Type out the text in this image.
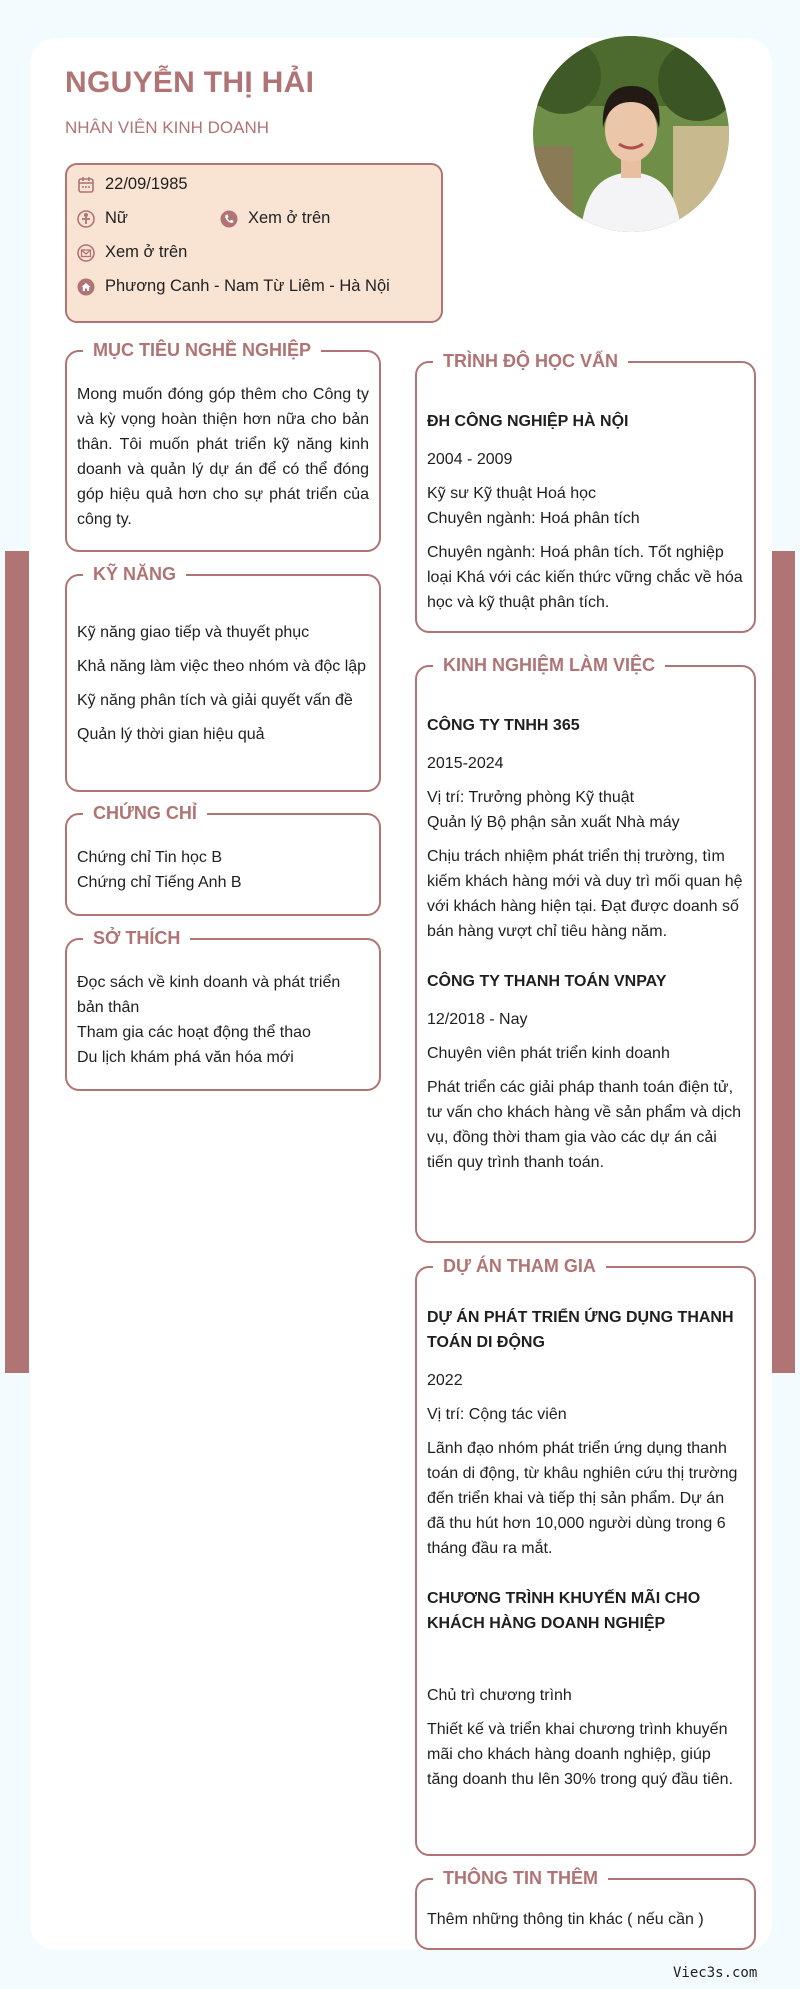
NGUYỄN THỊ HẢI
NHÂN VIÊN KINH DOANH
22/09/1985
Nữ	Xem ở trên
Xem ở trên
Phương Canh - Nam Từ Liêm - Hà Nội
MỤC TIÊU NGHỀ NGHIỆP
Mong muốn đóng góp thêm cho Công ty và kỳ vọng hoàn thiện hơn nữa cho bản thân. Tôi muốn phát triển kỹ năng kinh doanh và quản lý dự án để có thể đóng góp hiệu quả hơn cho sự phát triển của công ty.
KỸ NĂNG
Kỹ năng giao tiếp và thuyết phục
Khả năng làm việc theo nhóm và độc lập
Kỹ năng phân tích và giải quyết vấn đề
Quản lý thời gian hiệu quả
CHỨNG CHỈ
Chứng chỉ Tin học B
Chứng chỉ Tiếng Anh B
SỞ THÍCH
Đọc sách về kinh doanh và phát triển bản thân
Tham gia các hoạt động thể thao
Du lịch khám phá văn hóa mới
TRÌNH ĐỘ HỌC VẤN
ĐH CÔNG NGHIỆP HÀ NỘI
2004 - 2009
Kỹ sư Kỹ thuật Hoá học
Chuyên ngành: Hoá phân tích
Chuyên ngành: Hoá phân tích. Tốt nghiệp loại Khá với các kiến thức vững chắc về hóa học và kỹ thuật phân tích.
KINH NGHIỆM LÀM VIỆC
CÔNG TY TNHH 365
2015-2024
Vị trí: Trưởng phòng Kỹ thuật
Quản lý Bộ phận sản xuất Nhà máy
Chịu trách nhiệm phát triển thị trường, tìm kiếm khách hàng mới và duy trì mối quan hệ với khách hàng hiện tại. Đạt được doanh số bán hàng vượt chỉ tiêu hàng năm.
CÔNG TY THANH TOÁN VNPAY
12/2018 - Nay
Chuyên viên phát triển kinh doanh
Phát triển các giải pháp thanh toán điện tử, tư vấn cho khách hàng về sản phẩm và dịch vụ, đồng thời tham gia vào các dự án cải tiến quy trình thanh toán.
DỰ ÁN THAM GIA
DỰ ÁN PHÁT TRIỂN ỨNG DỤNG THANH TOÁN DI ĐỘNG
2022
Vị trí: Cộng tác viên
Lãnh đạo nhóm phát triển ứng dụng thanh toán di động, từ khâu nghiên cứu thị trường đến triển khai và tiếp thị sản phẩm. Dự án đã thu hút hơn 10,000 người dùng trong 6 tháng đầu ra mắt.
CHƯƠNG TRÌNH KHUYẾN MÃI CHO KHÁCH HÀNG DOANH NGHIỆP
Chủ trì chương trình
Thiết kế và triển khai chương trình khuyến mãi cho khách hàng doanh nghiệp, giúp tăng doanh thu lên 30% trong quý đầu tiên.
THÔNG TIN THÊM
Thêm những thông tin khác ( nếu cần )
Viec3s.com
